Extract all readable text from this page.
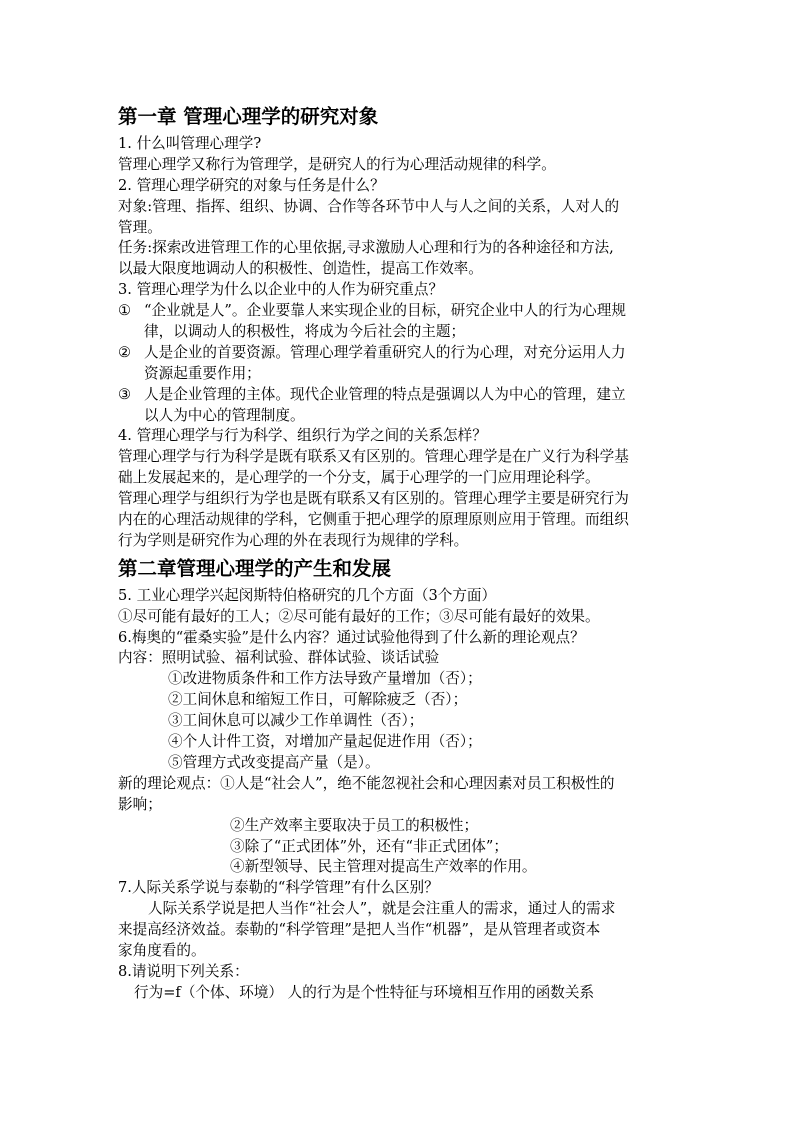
第一章 管理心理学的研究对象
1. 什么叫管理心理学?
管理心理学又称行为管理学，是研究人的行为心理活动规律的科学。
2. 管理心理学研究的对象与任务是什么？
对象:管理、指挥、组织、协调、合作等各环节中人与人之间的关系，人对人的
管理。
任务:探索改进管理工作的心里依据,寻求激励人心理和行为的各种途径和方法,
以最大限度地调动人的积极性、创造性，提高工作效率。
3. 管理心理学为什么以企业中的人作为研究重点？
① “企业就是人”。企业要靠人来实现企业的目标，研究企业中人的行为心理规
律，以调动人的积极性，将成为今后社会的主题；
② 人是企业的首要资源。管理心理学着重研究人的行为心理，对充分运用人力
资源起重要作用；
③ 人是企业管理的主体。现代企业管理的特点是强调以人为中心的管理，建立
以人为中心的管理制度。
4. 管理心理学与行为科学、组织行为学之间的关系怎样？
管理心理学与行为科学是既有联系又有区别的。管理心理学是在广义行为科学基
础上发展起来的，是心理学的一个分支，属于心理学的一门应用理论科学。
管理心理学与组织行为学也是既有联系又有区别的。管理心理学主要是研究行为
内在的心理活动规律的学科，它侧重于把心理学的原理原则应用于管理。而组织
行为学则是研究作为心理的外在表现行为规律的学科。
第二章管理心理学的产生和发展
5. 工业心理学兴起闵斯特伯格研究的几个方面（3个方面）
①尽可能有最好的工人；②尽可能有最好的工作；③尽可能有最好的效果。
6.梅奥的“霍桑实验”是什么内容？通过试验他得到了什么新的理论观点？
内容：照明试验、福利试验、群体试验、谈话试验
①改进物质条件和工作方法导致产量增加（否）；
②工间休息和缩短工作日，可解除疲乏（否）；
③工间休息可以减少工作单调性（否）；
④个人计件工资，对增加产量起促进作用（否）；
⑤管理方式改变提高产量（是）。
新的理论观点：①人是“社会人”，绝不能忽视社会和心理因素对员工积极性的
影响；
②生产效率主要取决于员工的积极性；
③除了“正式团体”外，还有“非正式团体”；
④新型领导、民主管理对提高生产效率的作用。
7.人际关系学说与泰勒的“科学管理”有什么区别？
人际关系学说是把人当作“社会人”，就是会注重人的需求，通过人的需求
来提高经济效益。泰勒的“科学管理”是把人当作“机器”，是从管理者或资本
家角度看的。
8.请说明下列关系：
行为=f（个体、环境） 人的行为是个性特征与环境相互作用的函数关系
